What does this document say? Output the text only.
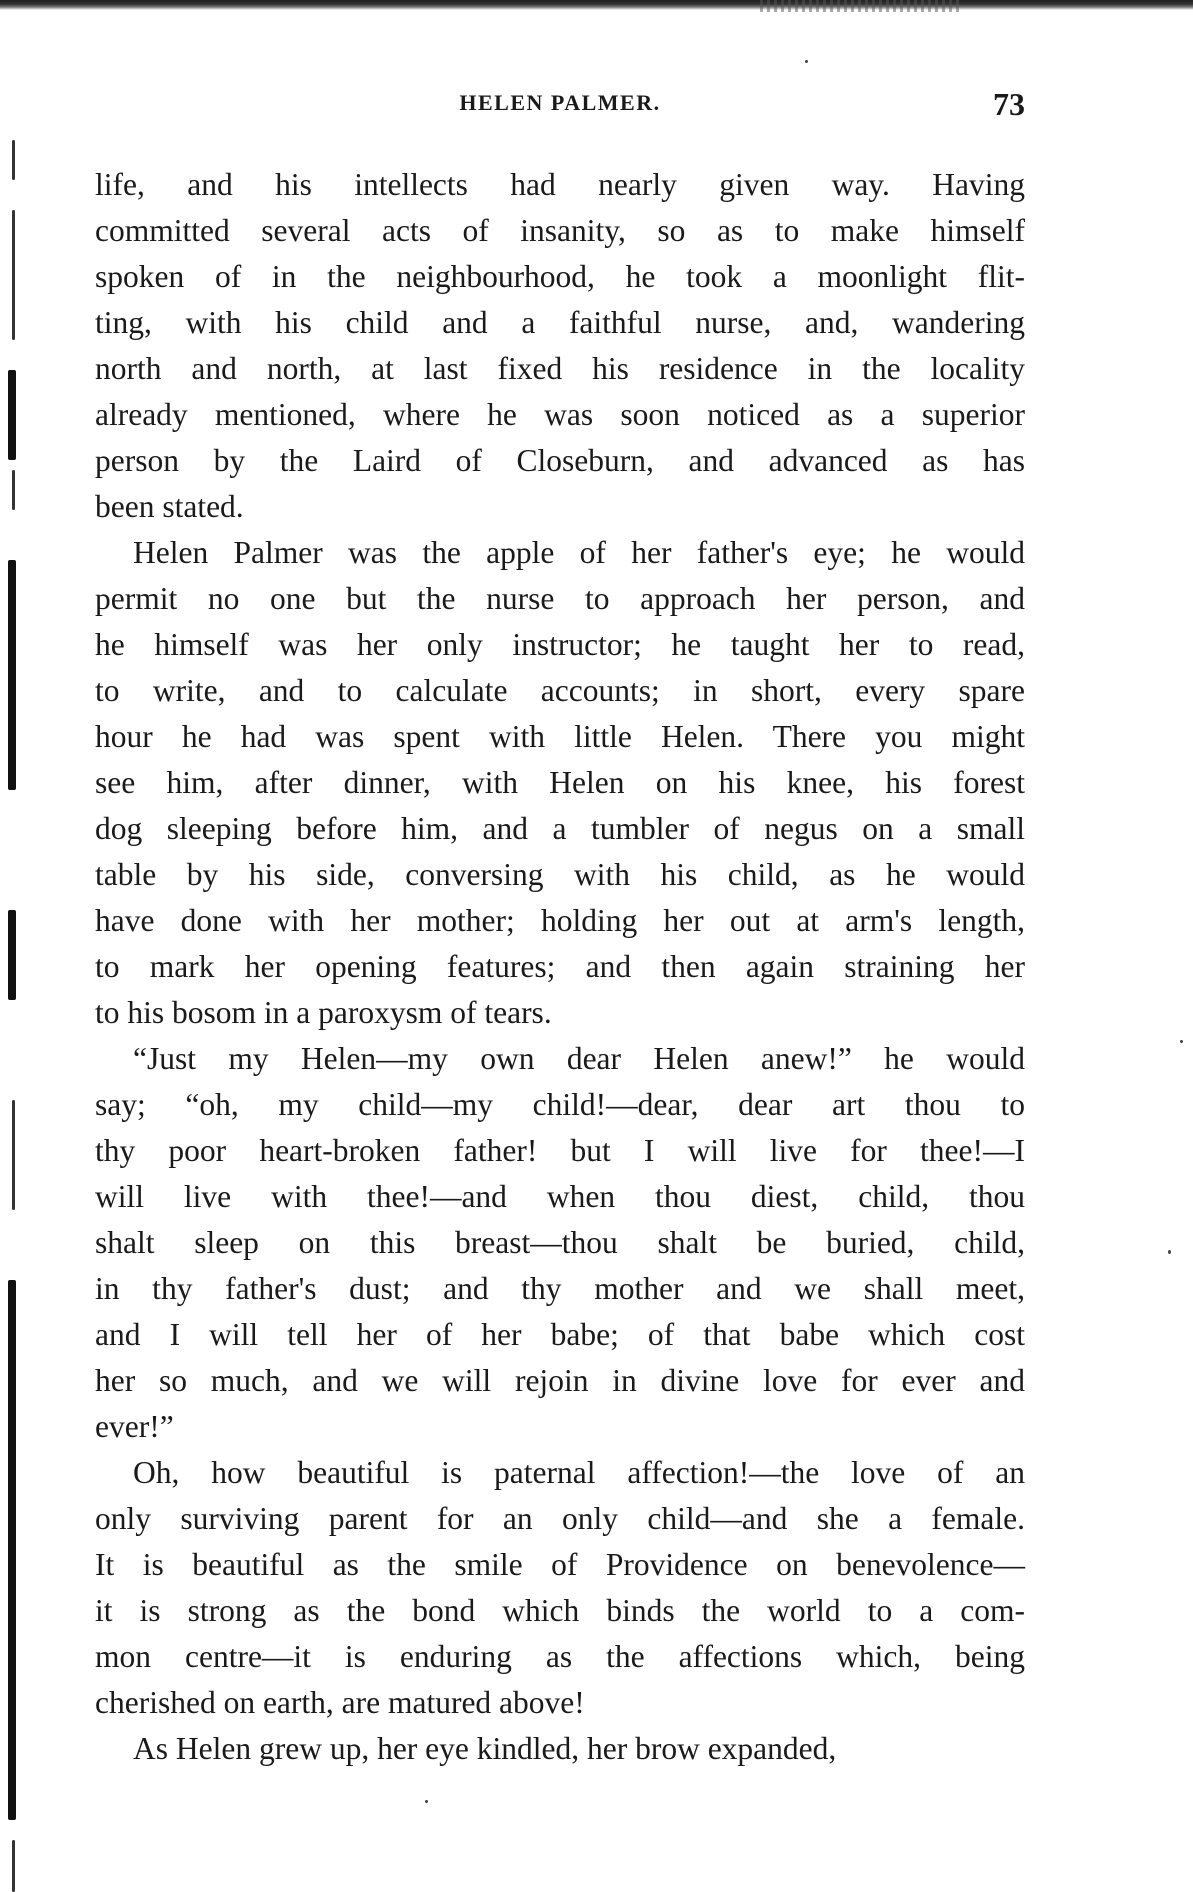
HELEN PALMER.	73
life, and his intellects had nearly given way. Having
committed several acts of insanity, so as to make himself
spoken of in the neighbourhood, he took a moonlight flit-
ting, with his child and a faithful nurse, and, wandering
north and north, at last fixed his residence in the locality
already mentioned, where he was soon noticed as a superior
person by the Laird of Closeburn, and advanced as has
been stated.
Helen Palmer was the apple of her father's eye; he would
permit no one but the nurse to approach her person, and
he himself was her only instructor; he taught her to read,
to write, and to calculate accounts; in short, every spare
hour he had was spent with little Helen. There you might
see him, after dinner, with Helen on his knee, his forest
dog sleeping before him, and a tumbler of negus on a small
table by his side, conversing with his child, as he would
have done with her mother; holding her out at arm's length,
to mark her opening features; and then again straining her
to his bosom in a paroxysm of tears.
“Just my Helen—my own dear Helen anew!” he would
say; “oh, my child—my child!—dear, dear art thou to
thy poor heart-broken father! but I will live for thee!—I
will live with thee!—and when thou diest, child, thou
shalt sleep on this breast—thou shalt be buried, child,
in thy father's dust; and thy mother and we shall meet,
and I will tell her of her babe; of that babe which cost
her so much, and we will rejoin in divine love for ever and
ever!”
Oh, how beautiful is paternal affection!—the love of an
only surviving parent for an only child—and she a female.
It is beautiful as the smile of Providence on benevolence—
it is strong as the bond which binds the world to a com-
mon centre—it is enduring as the affections which, being
cherished on earth, are matured above!
As Helen grew up, her eye kindled, her brow expanded,
